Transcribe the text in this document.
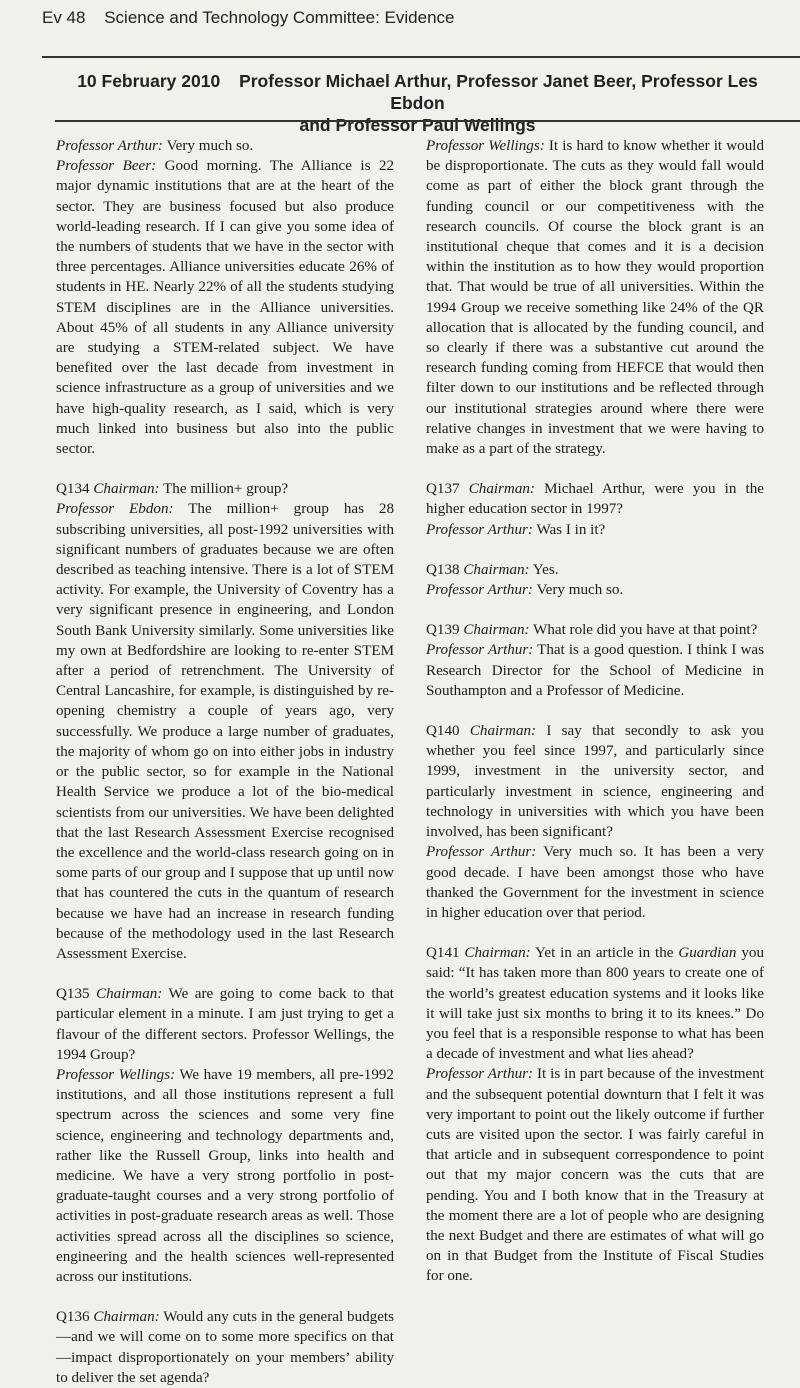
Ev 48 Science and Technology Committee: Evidence
10 February 2010 Professor Michael Arthur, Professor Janet Beer, Professor Les Ebdon
and Professor Paul Wellings

Professor Arthur: Very much so.

Professor Beer: Good morning. The Alliance is 22 major dynamic institutions that are at the heart of the sector. They are business focused but also produce world-leading research. If I can give you some idea of the numbers of students that we have in the sector with three percentages. Alliance universities educate 26% of students in HE. Nearly 22% of all the students studying STEM disciplines are in the Alliance universities. About 45% of all students in any Alliance university are studying a STEM-related subject. We have benefited over the last decade from investment in science infrastructure as a group of universities and we have high-quality research, as I said, which is very much linked into business but also into the public sector.

Q134 Chairman: The million+ group?

Professor Ebdon: The million+ group has 28 subscribing universities, all post-1992 universities with significant numbers of graduates because we are often described as teaching intensive. There is a lot of STEM activity. For example, the University of Coventry has a very significant presence in engineering, and London South Bank University similarly. Some universities like my own at Bedfordshire are looking to re-enter STEM after a period of retrenchment. The University of Central Lancashire, for example, is distinguished by re-opening chemistry a couple of years ago, very successfully. We produce a large number of graduates, the majority of whom go on into either jobs in industry or the public sector, so for example in the National Health Service we produce a lot of the bio-medical scientists from our universities. We have been delighted that the last Research Assessment Exercise recognised the excellence and the world-class research going on in some parts of our group and I suppose that up until now that has countered the cuts in the quantum of research because we have had an increase in research funding because of the methodology used in the last Research Assessment Exercise.

Q135 Chairman: We are going to come back to that particular element in a minute. I am just trying to get a flavour of the different sectors. Professor Wellings, the 1994 Group?

Professor Wellings: We have 19 members, all pre-1992 institutions, and all those institutions represent a full spectrum across the sciences and some very fine science, engineering and technology departments and, rather like the Russell Group, links into health and medicine. We have a very strong portfolio in post-graduate-taught courses and a very strong portfolio of activities in post-graduate research areas as well. Those activities spread across all the disciplines so science, engineering and the health sciences well-represented across our institutions.

Q136 Chairman: Would any cuts in the general budgets—and we will come on to some more specifics on that—impact disproportionately on your members’ ability to deliver the set agenda?

Professor Wellings: It is hard to know whether it would be disproportionate. The cuts as they would fall would come as part of either the block grant through the funding council or our competitiveness with the research councils. Of course the block grant is an institutional cheque that comes and it is a decision within the institution as to how they would proportion that. That would be true of all universities. Within the 1994 Group we receive something like 24% of the QR allocation that is allocated by the funding council, and so clearly if there was a substantive cut around the research funding coming from HEFCE that would then filter down to our institutions and be reflected through our institutional strategies around where there were relative changes in investment that we were having to make as a part of the strategy.

Q137 Chairman: Michael Arthur, were you in the higher education sector in 1997?

Professor Arthur: Was I in it?

Q138 Chairman: Yes.

Professor Arthur: Very much so.

Q139 Chairman: What role did you have at that point?

Professor Arthur: That is a good question. I think I was Research Director for the School of Medicine in Southampton and a Professor of Medicine.

Q140 Chairman: I say that secondly to ask you whether you feel since 1997, and particularly since 1999, investment in the university sector, and particularly investment in science, engineering and technology in universities with which you have been involved, has been significant?

Professor Arthur: Very much so. It has been a very good decade. I have been amongst those who have thanked the Government for the investment in science in higher education over that period.

Q141 Chairman: Yet in an article in the Guardian you said: “It has taken more than 800 years to create one of the world’s greatest education systems and it looks like it will take just six months to bring it to its knees.” Do you feel that is a responsible response to what has been a decade of investment and what lies ahead?

Professor Arthur: It is in part because of the investment and the subsequent potential downturn that I felt it was very important to point out the likely outcome if further cuts are visited upon the sector. I was fairly careful in that article and in subsequent correspondence to point out that my major concern was the cuts that are pending. You and I both know that in the Treasury at the moment there are a lot of people who are designing the next Budget and there are estimates of what will go on in that Budget from the Institute of Fiscal Studies for one.
